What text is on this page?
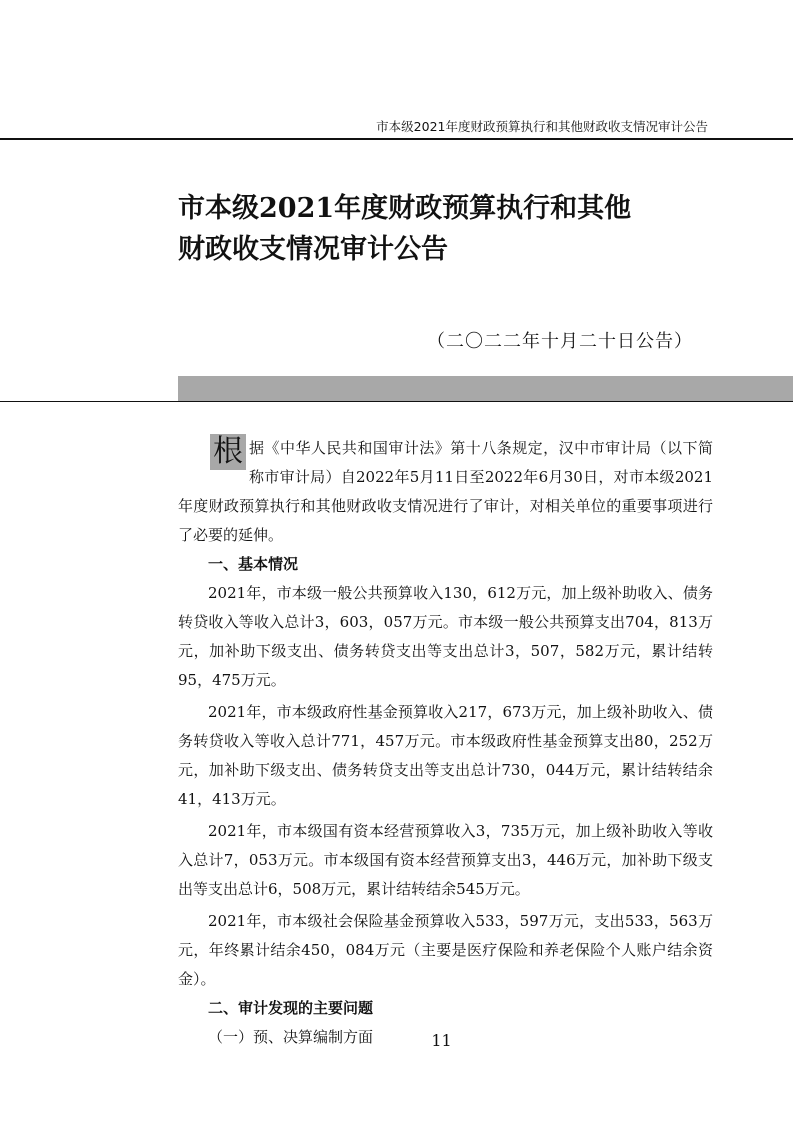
市本级2021年度财政预算执行和其他财政收支情况审计公告
市本级2021年度财政预算执行和其他
财政收支情况审计公告
（二〇二二年十月二十日公告）

根 据《中华人民共和国审计法》第十八条规定，汉中市审计局（以下简称市审计局）自2022年5月11日至2022年6月30日，对市本级2021年度财政预算执行和其他财政收支情况进行了审计，对相关单位的重要事项进行了必要的延伸。

一、基本情况

2021年，市本级一般公共预算收入130，612万元，加上级补助收入、债务转贷收入等收入总计3，603，057万元。市本级一般公共预算支出704，813万元，加补助下级支出、债务转贷支出等支出总计3，507，582万元，累计结转95，475万元。

2021年，市本级政府性基金预算收入217，673万元，加上级补助收入、债务转贷收入等收入总计771，457万元。市本级政府性基金预算支出80，252万元，加补助下级支出、债务转贷支出等支出总计730，044万元，累计结转结余41，413万元。

2021年，市本级国有资本经营预算收入3，735万元，加上级补助收入等收入总计7，053万元。市本级国有资本经营预算支出3，446万元，加补助下级支出等支出总计6，508万元，累计结转结余545万元。

2021年，市本级社会保险基金预算收入533，597万元，支出533，563万元，年终累计结余450，084万元（主要是医疗保险和养老保险个人账户结余资金）。

二、审计发现的主要问题
（一）预、决算编制方面	11
